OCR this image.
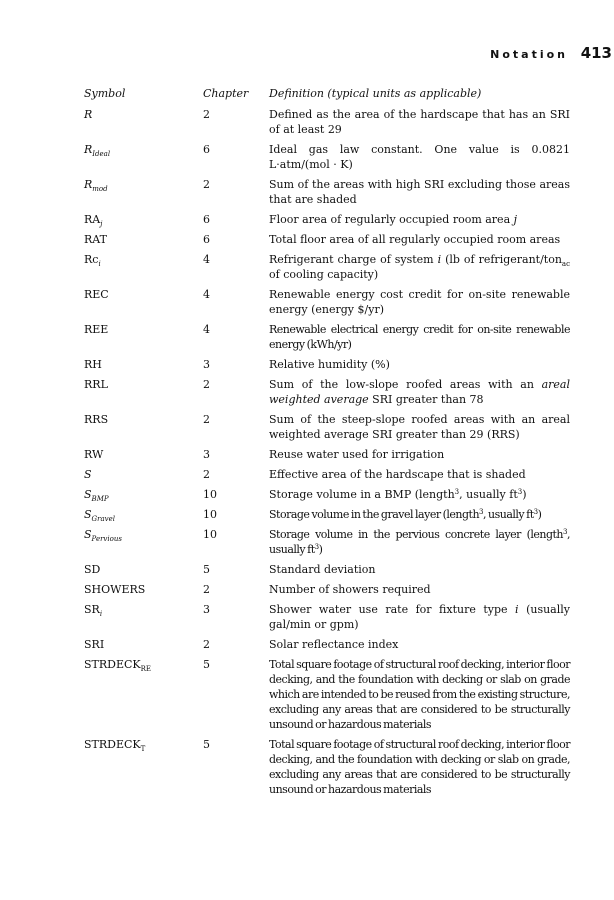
Notation 413
Symbol	Chapter	Definition (typical units as applicable)
R	2	Defined as the area of the hardscape that has an SRI of at least 29
$R_{Ideal}$	6	Ideal gas law constant. One value is 0.0821 L·atm/(mol · K)
$R_{mod}$	2	Sum of the areas with high SRI excluding those areas that are shaded
$RA_j$	6	Floor area of regularly occupied room area j
RAT	6	Total floor area of all regularly occupied room areas
$Rc_i$	4	Refrigerant charge of system i (lb of refrigerant/ton$_{ac}$ of cooling capacity)
REC	4	Renewable energy cost credit for on-site renewable energy (energy $/yr)
REE	4	Renewable electrical energy credit for on-site renewable energy (kWh/yr)
RH	3	Relative humidity (%)
RRL	2	Sum of the low-slope roofed areas with an areal weighted average SRI greater than 78
RRS	2	Sum of the steep-slope roofed areas with an areal weighted average SRI greater than 29 (RRS)
RW	3	Reuse water used for irrigation
S	2	Effective area of the hardscape that is shaded
$S_{BMP}$	10	Storage volume in a BMP (length$^3$, usually $ft^3$)
$S_{Gravel}$	10	Storage volume in the gravel layer (length$^3$, usually $ft^3$)
$S_{Pervious}$	10	Storage volume in the pervious concrete layer (length$^3$, usually $ft^3$)
SD	5	Standard deviation
SHOWERS	2	Number of showers required
$SR_i$	3	Shower water use rate for fixture type i (usually gal/min or gpm)
SRI	2	Solar reflectance index
$STRDECK_{RE}$	5	Total square footage of structural roof decking, interior floor decking, and the foundation with decking or slab on grade which are intended to be reused from the existing structure, excluding any areas that are considered to be structurally unsound or hazardous materials
$STRDECK_T$	5	Total square footage of structural roof decking, interior floor decking, and the foundation with decking or slab on grade, excluding any areas that are considered to be structurally unsound or hazardous materials
